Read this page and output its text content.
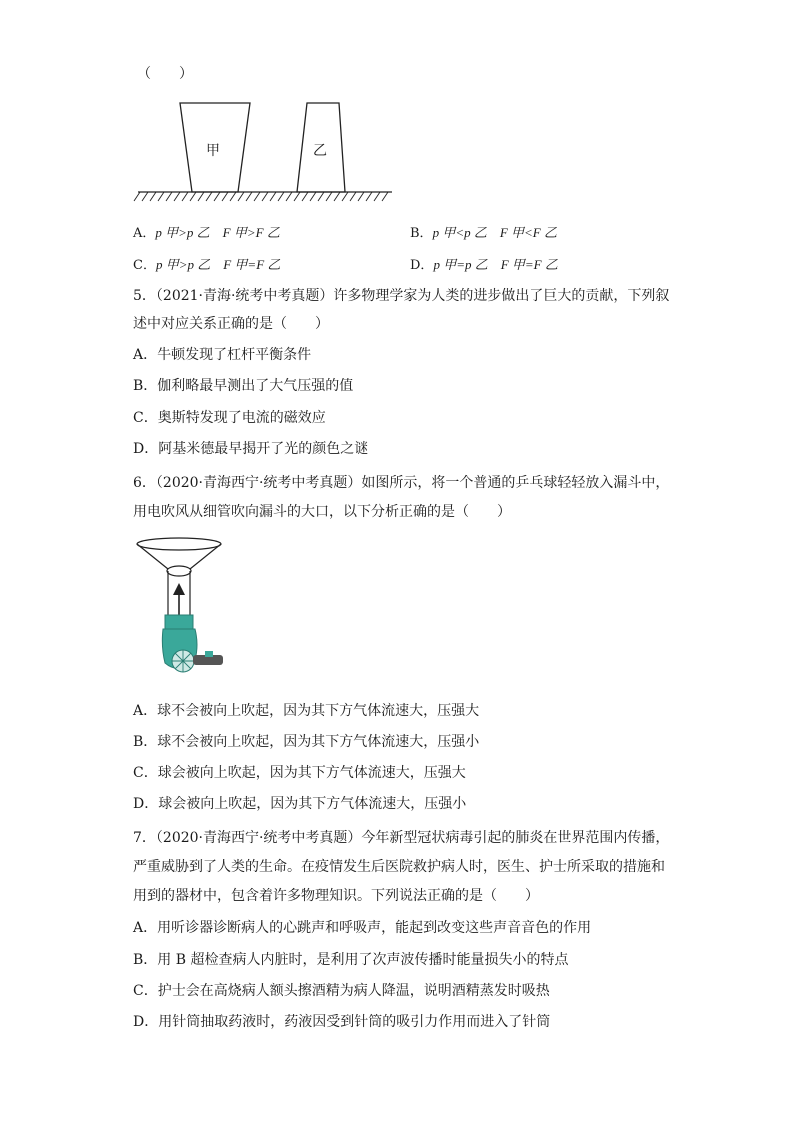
（　　）
甲	乙
A．p 甲>p 乙　F 甲>F 乙	B．p 甲<p 乙　F 甲<F 乙
C．p 甲>p 乙　F 甲=F 乙	D．p 甲=p 乙　F 甲=F 乙
5．（2021·青海·统考中考真题）许多物理学家为人类的进步做出了巨大的贡献，下列叙
述中对应关系正确的是（　　）
A．牛顿发现了杠杆平衡条件
B．伽利略最早测出了大气压强的值
C．奥斯特发现了电流的磁效应
D．阿基米德最早揭开了光的颜色之谜
6．（2020·青海西宁·统考中考真题）如图所示，将一个普通的乒乓球轻轻放入漏斗中，
用电吹风从细管吹向漏斗的大口，以下分析正确的是（　　）
A．球不会被向上吹起，因为其下方气体流速大，压强大
B．球不会被向上吹起，因为其下方气体流速大，压强小
C．球会被向上吹起，因为其下方气体流速大，压强大
D．球会被向上吹起，因为其下方气体流速大，压强小
7．（2020·青海西宁·统考中考真题）今年新型冠状病毒引起的肺炎在世界范围内传播，
严重威胁到了人类的生命。在疫情发生后医院救护病人时，医生、护士所采取的措施和
用到的器材中，包含着许多物理知识。下列说法正确的是（　　）
A．用听诊器诊断病人的心跳声和呼吸声，能起到改变这些声音音色的作用
B．用 B 超检查病人内脏时，是利用了次声波传播时能量损失小的特点
C．护士会在高烧病人额头擦酒精为病人降温，说明酒精蒸发时吸热
D．用针筒抽取药液时，药液因受到针筒的吸引力作用而进入了针筒
